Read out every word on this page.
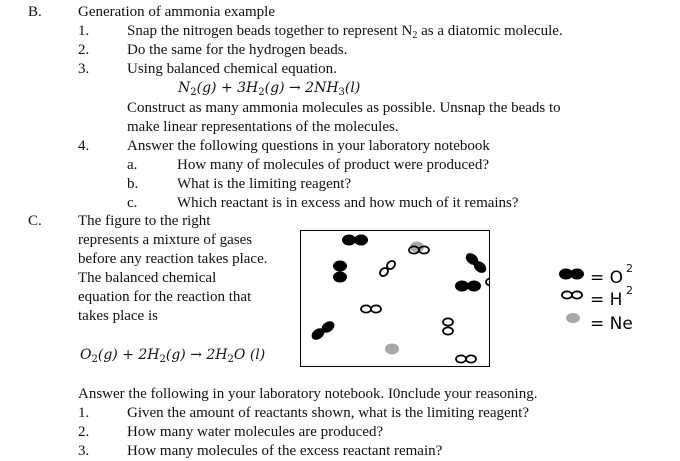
B. Generation of ammonia example
1.	Snap the nitrogen beads together to represent $N_2$ as a diatomic molecule.
2.	Do the same for the hydrogen beads.
3.	Using balanced chemical equation.
$N_2(g) + 3H_2(g) \to 2NH_3(l)$
Construct as many ammonia molecules as possible. Unsnap the beads to
make linear representations of the molecules.
4.	Answer the following questions in your laboratory notebook
a.	How many of molecules of product were produced?
b.	What is the limiting reagent?
c.	Which reactant is in excess and how much of it remains?
C. The figure to the right
represents a mixture of gases
before any reaction takes place.
The balanced chemical
equation for the reaction that
takes place is
$O_2(g) + 2H_2(g) \to 2H_2O$ (l)
= O 2
= H 2
= Ne
Answer the following in your laboratory notebook. I0nclude your reasoning.
1.	Given the amount of reactants shown, what is the limiting reagent?
2.	How many water molecules are produced?
3.	How many molecules of the excess reactant remain?
